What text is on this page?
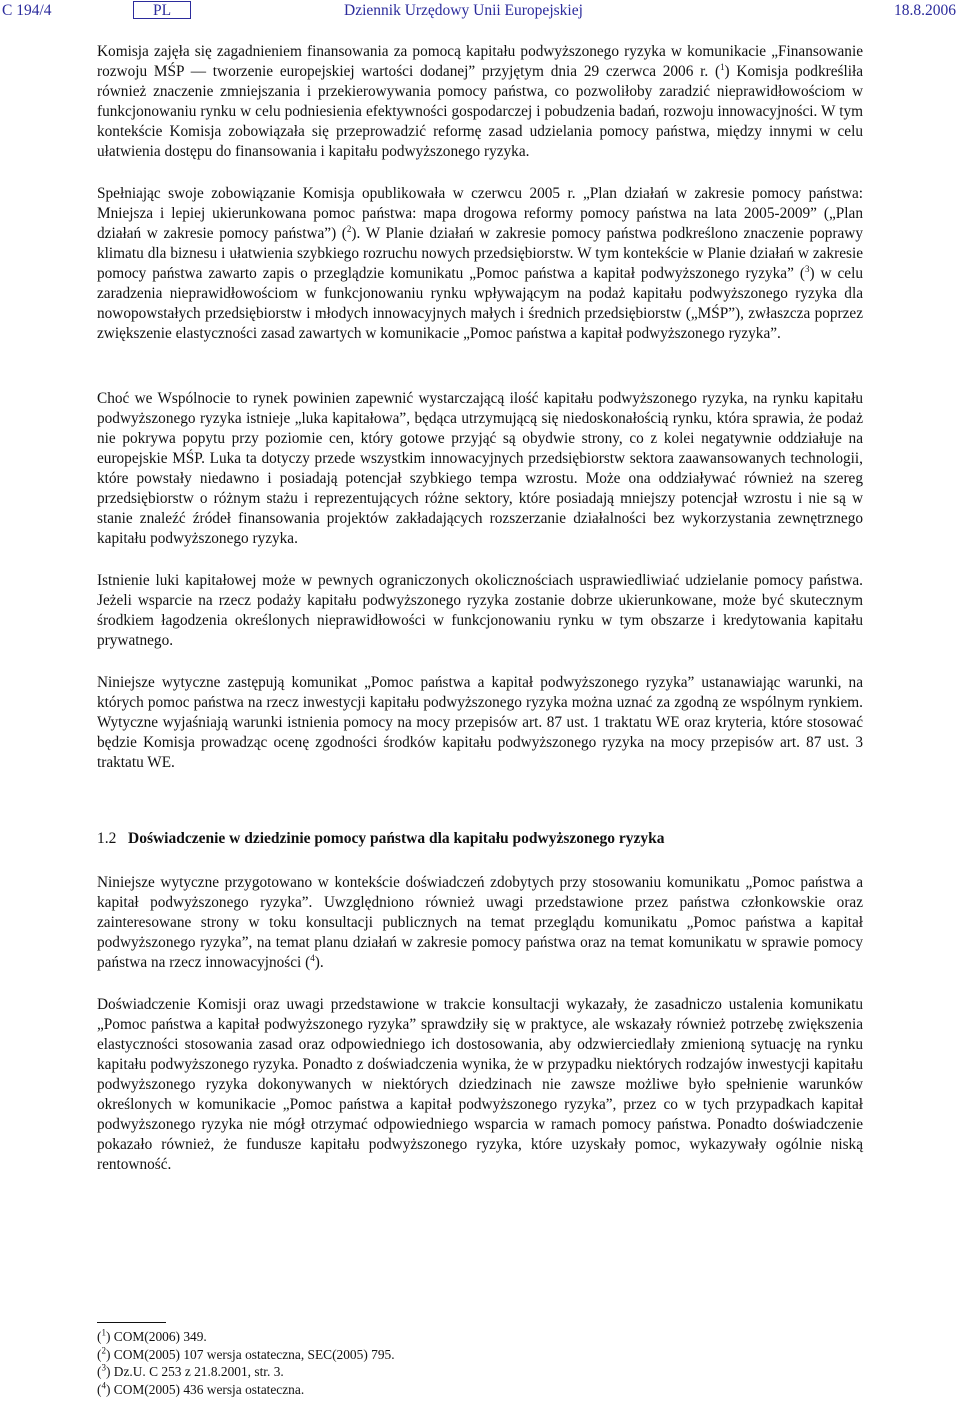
C 194/4	PL	Dziennik Urzędowy Unii Europejskiej	18.8.2006

Komisja zajęła się zagadnieniem finansowania za pomocą kapitału podwyższonego ryzyka w komunikacie „Finansowanie rozwoju MŚP — tworzenie europejskiej wartości dodanej” przyjętym dnia 29 czerwca 2006 r. ($^1$) Komisja podkreśliła również znaczenie zmniejszania i przekierowywania pomocy państwa, co pozwoliłoby zaradzić nieprawidłowościom w funkcjonowaniu rynku w celu podniesienia efektywności gospodarczej i pobudzenia badań, rozwoju innowacyjności. W tym kontekście Komisja zobowiązała się przeprowadzić reformę zasad udzielania pomocy państwa, między innymi w celu ułatwienia dostępu do finansowania i kapitału podwyższonego ryzyka.

Spełniając swoje zobowiązanie Komisja opublikowała w czerwcu 2005 r. „Plan działań w zakresie pomocy państwa: Mniejsza i lepiej ukierunkowana pomoc państwa: mapa drogowa reformy pomocy państwa na lata 2005-2009” („Plan działań w zakresie pomocy państwa”) ($^2$). W Planie działań w zakresie pomocy państwa podkreślono znaczenie poprawy klimatu dla biznesu i ułatwienia szybkiego rozruchu nowych przedsiębiorstw. W tym kontekście w Planie działań w zakresie pomocy państwa zawarto zapis o przeglądzie komunikatu „Pomoc państwa a kapitał podwyższonego ryzyka” ($^3$) w celu zaradzenia nieprawidłowościom w funkcjonowaniu rynku wpływającym na podaż kapitału podwyższonego ryzyka dla nowopowstałych przedsiębiorstw i młodych innowacyjnych małych i średnich przedsiębiorstw („MŚP”), zwłaszcza poprzez zwiększenie elastyczności zasad zawartych w komunikacie „Pomoc państwa a kapitał podwyższonego ryzyka”.

Choć we Wspólnocie to rynek powinien zapewnić wystarczającą ilość kapitału podwyższonego ryzyka, na rynku kapitału podwyższonego ryzyka istnieje „luka kapitałowa”, będąca utrzymującą się niedoskonałością rynku, która sprawia, że podaż nie pokrywa popytu przy poziomie cen, który gotowe przyjąć są obydwie strony, co z kolei negatywnie oddziałuje na europejskie MŚP. Luka ta dotyczy przede wszystkim innowacyjnych przedsiębiorstw sektora zaawansowanych technologii, które powstały niedawno i posiadają potencjał szybkiego tempa wzrostu. Może ona oddziaływać również na szereg przedsiębiorstw o różnym stażu i reprezentujących różne sektory, które posiadają mniejszy potencjał wzrostu i nie są w stanie znaleźć źródeł finansowania projektów zakładających rozszerzanie działalności bez wykorzystania zewnętrznego kapitału podwyższonego ryzyka.

Istnienie luki kapitałowej może w pewnych ograniczonych okolicznościach usprawiedliwiać udzielanie pomocy państwa. Jeżeli wsparcie na rzecz podaży kapitału podwyższonego ryzyka zostanie dobrze ukierunkowane, może być skutecznym środkiem łagodzenia określonych nieprawidłowości w funkcjonowaniu rynku w tym obszarze i kredytowania kapitału prywatnego.

Niniejsze wytyczne zastępują komunikat „Pomoc państwa a kapitał podwyższonego ryzyka” ustanawiając warunki, na których pomoc państwa na rzecz inwestycji kapitału podwyższonego ryzyka można uznać za zgodną ze wspólnym rynkiem. Wytyczne wyjaśniają warunki istnienia pomocy na mocy przepisów art. 87 ust. 1 traktatu WE oraz kryteria, które stosować będzie Komisja prowadząc ocenę zgodności środków kapitału podwyższonego ryzyka na mocy przepisów art. 87 ust. 3 traktatu WE.

1.2 Doświadczenie w dziedzinie pomocy państwa dla kapitału podwyższonego ryzyka

Niniejsze wytyczne przygotowano w kontekście doświadczeń zdobytych przy stosowaniu komunikatu „Pomoc państwa a kapitał podwyższonego ryzyka”. Uwzględniono również uwagi przedstawione przez państwa członkowskie oraz zainteresowane strony w toku konsultacji publicznych na temat przeglądu komunikatu „Pomoc państwa a kapitał podwyższonego ryzyka”, na temat planu działań w zakresie pomocy państwa oraz na temat komunikatu w sprawie pomocy państwa na rzecz innowacyjności ($^4$).

Doświadczenie Komisji oraz uwagi przedstawione w trakcie konsultacji wykazały, że zasadniczo ustalenia komunikatu „Pomoc państwa a kapitał podwyższonego ryzyka” sprawdziły się w praktyce, ale wskazały również potrzebę zwiększenia elastyczności stosowania zasad oraz odpowiedniego ich dostosowania, aby odzwierciedlały zmienioną sytuację na rynku kapitału podwyższonego ryzyka. Ponadto z doświadczenia wynika, że w przypadku niektórych rodzajów inwestycji kapitału podwyższonego ryzyka dokonywanych w niektórych dziedzinach nie zawsze możliwe było spełnienie warunków określonych w komunikacie „Pomoc państwa a kapitał podwyższonego ryzyka”, przez co w tych przypadkach kapitał podwyższonego ryzyka nie mógł otrzymać odpowiedniego wsparcia w ramach pomocy państwa. Ponadto doświadczenie pokazało również, że fundusze kapitału podwyższonego ryzyka, które uzyskały pomoc, wykazywały ogólnie niską rentowność.

($^1$) COM(2006) 349.

($^2$) COM(2005) 107 wersja ostateczna, SEC(2005) 795.

($^3$) Dz.U. C 253 z 21.8.2001, str. 3.

($^4$) COM(2005) 436 wersja ostateczna.
